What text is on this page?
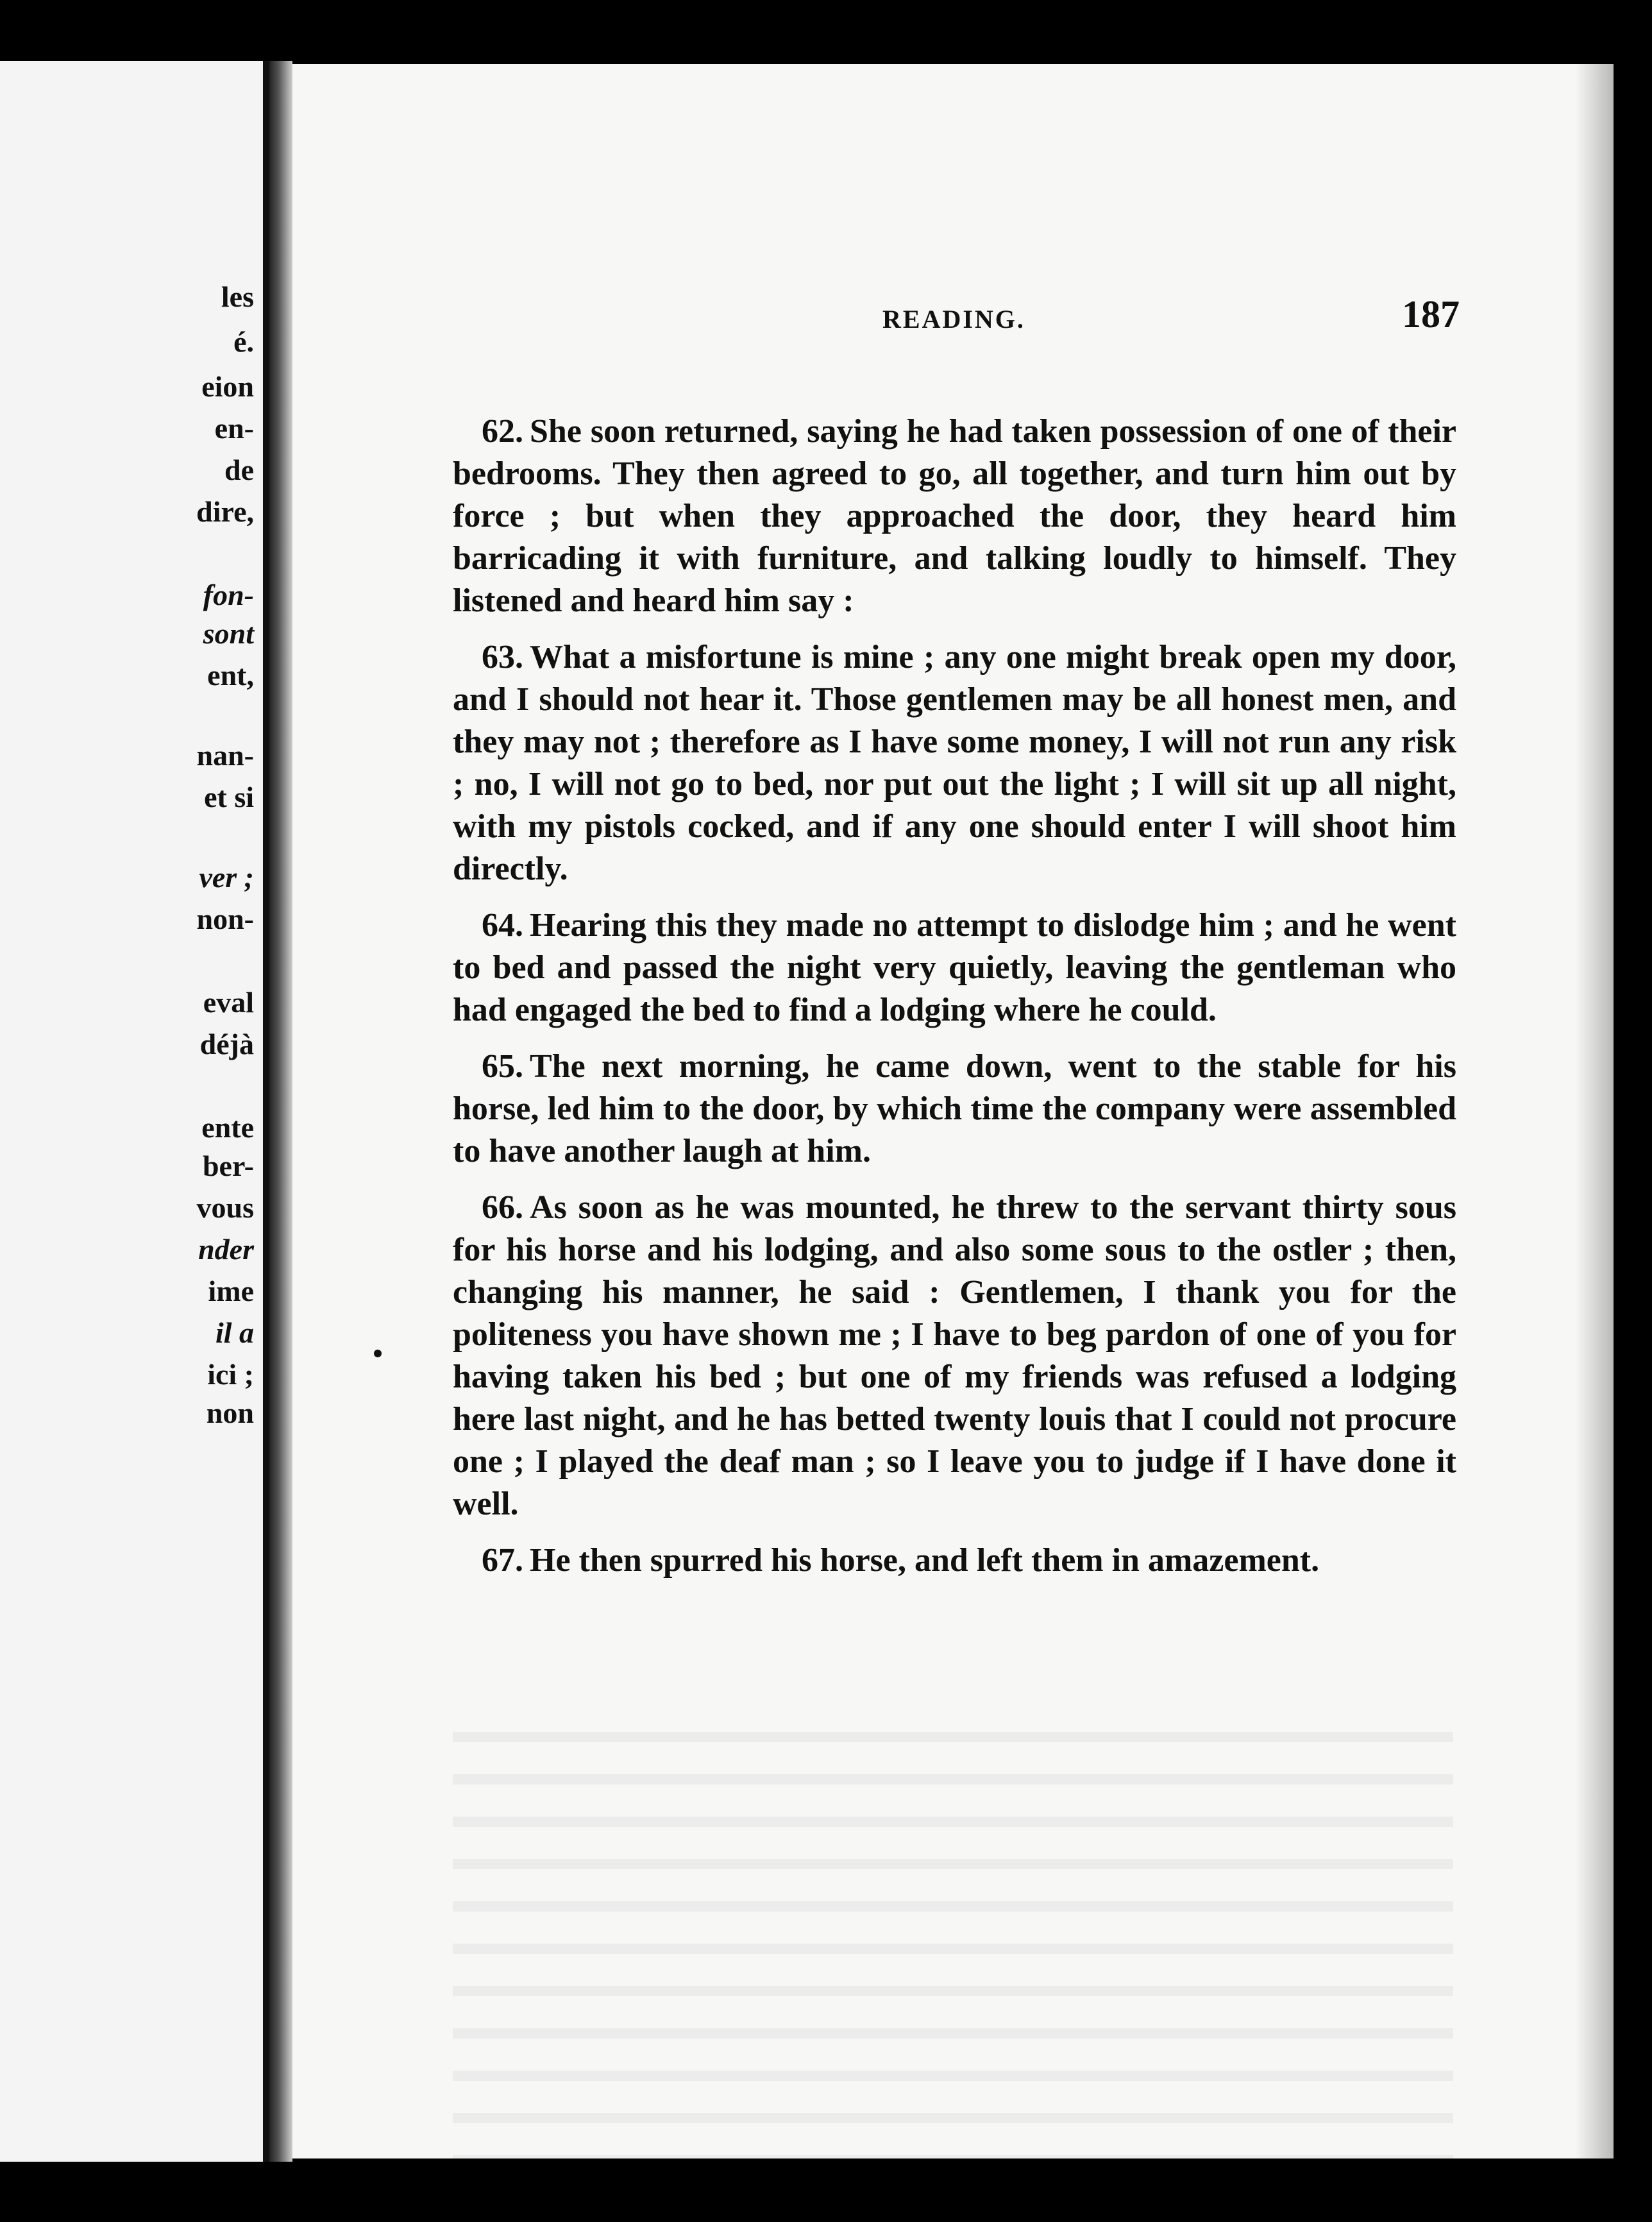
les
é.
eion
en-
de
dire,
fon-
sont
ent,
nan-
et si
ver ;
non-
eval
déjà
ente
ber-
vous
nder
ime
il a
ici ;
non
READING.	187

62. She soon returned, saying he had taken possession of one of their bedrooms. They then agreed to go, all together, and turn him out by force ; but when they approached the door, they heard him barricading it with furniture, and talking loudly to himself. They listened and heard him say :

63. What a misfortune is mine ; any one might break open my door, and I should not hear it. Those gentlemen may be all honest men, and they may not ; therefore as I have some money, I will not run any risk ; no, I will not go to bed, nor put out the light ; I will sit up all night, with my pistols cocked, and if any one should enter I will shoot him directly.

64. Hearing this they made no attempt to dislodge him ; and he went to bed and passed the night very quietly, leaving the gentleman who had engaged the bed to find a lodging where he could.

65. The next morning, he came down, went to the stable for his horse, led him to the door, by which time the company were assembled to have another laugh at him.

66. As soon as he was mounted, he threw to the servant thirty sous for his horse and his lodging, and also some sous to the ostler ; then, changing his manner, he said : Gentlemen, I thank you for the politeness you have shown me ; I have to beg pardon of one of you for having taken his bed ; but one of my friends was refused a lodging here last night, and he has betted twenty louis that I could not procure one ; I played the deaf man ; so I leave you to judge if I have done it well.

67. He then spurred his horse, and left them in amazement.
